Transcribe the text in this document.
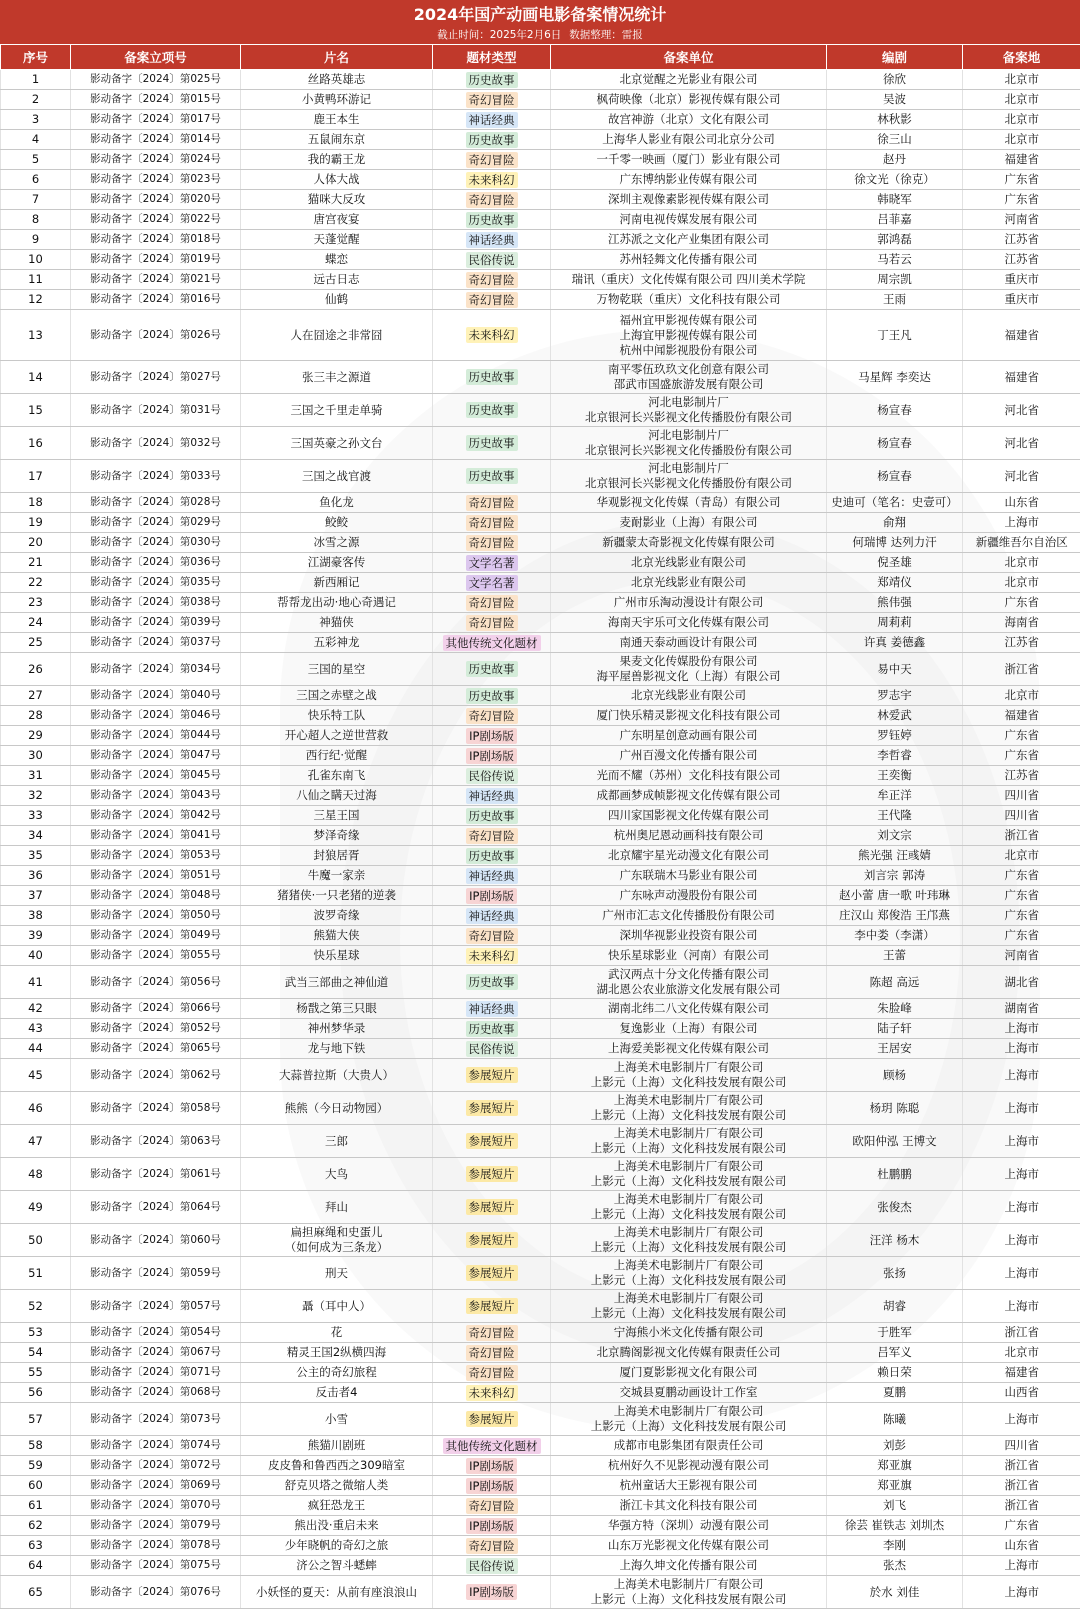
2024年国产动画电影备案情况统计
截止时间：2025年2月6日 数据整理：雷报
序号	备案立项号	片名	题材类型	备案单位	编剧	备案地
1	影动备字〔2024〕第025号	丝路英雄志	历史故事	北京觉醒之光影业有限公司	徐欣	北京市
2	影动备字〔2024〕第015号	小黄鸭环游记	奇幻冒险	枫荷映像（北京）影视传媒有限公司	吴波	北京市
3	影动备字〔2024〕第017号	鹿王本生	神话经典	故宫神游（北京）文化有限公司	林秋影	北京市
4	影动备字〔2024〕第014号	五鼠闹东京	历史故事	上海华人影业有限公司北京分公司	徐三山	北京市
5	影动备字〔2024〕第024号	我的霸王龙	奇幻冒险	一千零一映画（厦门）影业有限公司	赵丹	福建省
6	影动备字〔2024〕第023号	人体大战	未来科幻	广东博纳影业传媒有限公司	徐文光（徐克）	广东省
7	影动备字〔2024〕第020号	猫咪大反攻	奇幻冒险	深圳主观像素影视传媒有限公司	韩晓军	广东省
8	影动备字〔2024〕第022号	唐宫夜宴	历史故事	河南电视传媒发展有限公司	吕菲嘉	河南省
9	影动备字〔2024〕第018号	天蓬觉醒	神话经典	江苏派之文化产业集团有限公司	郭鸿磊	江苏省
10	影动备字〔2024〕第019号	蝶恋	民俗传说	苏州轻舞文化传播有限公司	马若云	江苏省
11	影动备字〔2024〕第021号	远古日志	奇幻冒险	瑞讯（重庆）文化传媒有限公司 四川美术学院	周宗凯	重庆市
12	影动备字〔2024〕第016号	仙鹤	奇幻冒险	万物乾联（重庆）文化科技有限公司	王雨	重庆市
13	影动备字〔2024〕第026号	人在囧途之非常囧	未来科幻	福州宜甲影视传媒有限公司
上海宜甲影视传媒有限公司
杭州中闻影视股份有限公司	丁王凡	福建省
14	影动备字〔2024〕第027号	张三丰之源道	历史故事	南平零伍玖玖文化创意有限公司
邵武市国盛旅游发展有限公司	马星辉 李奕达	福建省
15	影动备字〔2024〕第031号	三国之千里走单骑	历史故事	河北电影制片厂
北京银河长兴影视文化传播股份有限公司	杨宣春	河北省
16	影动备字〔2024〕第032号	三国英豪之孙文台	历史故事	河北电影制片厂
北京银河长兴影视文化传播股份有限公司	杨宣春	河北省
17	影动备字〔2024〕第033号	三国之战官渡	历史故事	河北电影制片厂
北京银河长兴影视文化传播股份有限公司	杨宣春	河北省
18	影动备字〔2024〕第028号	鱼化龙	奇幻冒险	华观影视文化传媒（青岛）有限公司	史迪可（笔名：史壹可）	山东省
19	影动备字〔2024〕第029号	鲛鲛	奇幻冒险	麦耐影业（上海）有限公司	俞翔	上海市
20	影动备字〔2024〕第030号	冰雪之源	奇幻冒险	新疆蒙太奇影视文化传媒有限公司	何瑞博 达列力汗	新疆维吾尔自治区
21	影动备字〔2024〕第036号	江湖豪客传	文学名著	北京光线影业有限公司	倪圣雄	北京市
22	影动备字〔2024〕第035号	新西厢记	文学名著	北京光线影业有限公司	郑靖仪	北京市
23	影动备字〔2024〕第038号	帮帮龙出动·地心奇遇记	奇幻冒险	广州市乐淘动漫设计有限公司	熊伟强	广东省
24	影动备字〔2024〕第039号	神猫侠	奇幻冒险	海南天宇乐可文化传媒有限公司	周莉莉	海南省
25	影动备字〔2024〕第037号	五彩神龙	其他传统文化题材	南通天泰动画设计有限公司	许真 姜德鑫	江苏省
26	影动备字〔2024〕第034号	三国的星空	历史故事	果麦文化传媒股份有限公司
海平屋兽影视文化（上海）有限公司	易中天	浙江省
27	影动备字〔2024〕第040号	三国之赤壁之战	历史故事	北京光线影业有限公司	罗志宇	北京市
28	影动备字〔2024〕第046号	快乐特工队	奇幻冒险	厦门快乐精灵影视文化科技有限公司	林爱武	福建省
29	影动备字〔2024〕第044号	开心超人之逆世营救	IP剧场版	广东明星创意动画有限公司	罗钰婷	广东省
30	影动备字〔2024〕第047号	西行纪·觉醒	IP剧场版	广州百漫文化传播有限公司	李哲睿	广东省
31	影动备字〔2024〕第045号	孔雀东南飞	民俗传说	光而不耀（苏州）文化科技有限公司	王奕衡	江苏省
32	影动备字〔2024〕第043号	八仙之瞒天过海	神话经典	成都画梦成帧影视文化传媒有限公司	牟正洋	四川省
33	影动备字〔2024〕第042号	三星王国	历史故事	四川家国影视文化传媒有限公司	王代隆	四川省
34	影动备字〔2024〕第041号	梦泽奇缘	奇幻冒险	杭州奥尼恩动画科技有限公司	刘文宗	浙江省
35	影动备字〔2024〕第053号	封狼居胥	历史故事	北京耀宇星光动漫文化有限公司	熊光强 汪彧婧	北京市
36	影动备字〔2024〕第051号	牛魔一家亲	神话经典	广东联瑞木马影业有限公司	刘言宗 郭涛	广东省
37	影动备字〔2024〕第048号	猪猪侠·一只老猪的逆袭	IP剧场版	广东咏声动漫股份有限公司	赵小蕾 唐一歌 叶玮琳	广东省
38	影动备字〔2024〕第050号	波罗奇缘	神话经典	广州市汇志文化传播股份有限公司	庄汉山 郑俊浩 王邝燕	广东省
39	影动备字〔2024〕第049号	熊猫大侠	奇幻冒险	深圳华视影业投资有限公司	李中娄（李潇）	广东省
40	影动备字〔2024〕第055号	快乐星球	未来科幻	快乐星球影业（河南）有限公司	王蕾	河南省
41	影动备字〔2024〕第056号	武当三部曲之神仙道	历史故事	武汉两点十分文化传播有限公司
湖北恩公农业旅游文化发展有限公司	陈超 高远	湖北省
42	影动备字〔2024〕第066号	杨戬之第三只眼	神话经典	湖南北纬二八文化传媒有限公司	朱脸峰	湖南省
43	影动备字〔2024〕第052号	神州梦华录	历史故事	复逸影业（上海）有限公司	陆子轩	上海市
44	影动备字〔2024〕第065号	龙与地下铁	民俗传说	上海爱美影视文化传媒有限公司	王居安	上海市
45	影动备字〔2024〕第062号	大蒜普拉斯（大贵人）	参展短片	上海美术电影制片厂有限公司
上影元（上海）文化科技发展有限公司	顾杨	上海市
46	影动备字〔2024〕第058号	熊熊（今日动物园）	参展短片	上海美术电影制片厂有限公司
上影元（上海）文化科技发展有限公司	杨玥 陈聪	上海市
47	影动备字〔2024〕第063号	三郎	参展短片	上海美术电影制片厂有限公司
上影元（上海）文化科技发展有限公司	欧阳仲泓 王博文	上海市
48	影动备字〔2024〕第061号	大鸟	参展短片	上海美术电影制片厂有限公司
上影元（上海）文化科技发展有限公司	杜鹏鹏	上海市
49	影动备字〔2024〕第064号	拜山	参展短片	上海美术电影制片厂有限公司
上影元（上海）文化科技发展有限公司	张俊杰	上海市
50	影动备字〔2024〕第060号	扁担麻绳和史蛋儿
（如何成为三条龙）	参展短片	上海美术电影制片厂有限公司
上影元（上海）文化科技发展有限公司	汪洋 杨木	上海市
51	影动备字〔2024〕第059号	刑天	参展短片	上海美术电影制片厂有限公司
上影元（上海）文化科技发展有限公司	张扬	上海市
52	影动备字〔2024〕第057号	聶（耳中人）	参展短片	上海美术电影制片厂有限公司
上影元（上海）文化科技发展有限公司	胡睿	上海市
53	影动备字〔2024〕第054号	花	奇幻冒险	宁海熊小米文化传播有限公司	于胜军	浙江省
54	影动备字〔2024〕第067号	精灵王国2纵横四海	奇幻冒险	北京腾阁影视文化传媒有限责任公司	吕军义	北京市
55	影动备字〔2024〕第071号	公主的奇幻旅程	奇幻冒险	厦门夏影影视文化有限公司	赖日荣	福建省
56	影动备字〔2024〕第068号	反击者4	未来科幻	交城县夏鹏动画设计工作室	夏鹏	山西省
57	影动备字〔2024〕第073号	小雪	参展短片	上海美术电影制片厂有限公司
上影元（上海）文化科技发展有限公司	陈曦	上海市
58	影动备字〔2024〕第074号	熊猫川剧班	其他传统文化题材	成都市电影集团有限责任公司	刘彭	四川省
59	影动备字〔2024〕第072号	皮皮鲁和鲁西西之309暗室	IP剧场版	杭州好久不见影视动漫有限公司	郑亚旗	浙江省
60	影动备字〔2024〕第069号	舒克贝塔之微缩人类	IP剧场版	杭州童话大王影视有限公司	郑亚旗	浙江省
61	影动备字〔2024〕第070号	疯狂恐龙王	奇幻冒险	浙江卡其文化科技有限公司	刘飞	浙江省
62	影动备字〔2024〕第079号	熊出没·重启未来	IP剧场版	华强方特（深圳）动漫有限公司	徐芸 崔铁志 刘圳杰	广东省
63	影动备字〔2024〕第078号	少年晓帆的奇幻之旅	奇幻冒险	山东万光影视文化传媒有限公司	李刚	山东省
64	影动备字〔2024〕第075号	济公之智斗蟋蟀	民俗传说	上海久坤文化传播有限公司	张杰	上海市
65	影动备字〔2024〕第076号	小妖怪的夏天：从前有座浪浪山	IP剧场版	上海美术电影制片厂有限公司
上影元（上海）文化科技发展有限公司	於水 刘佳	上海市
